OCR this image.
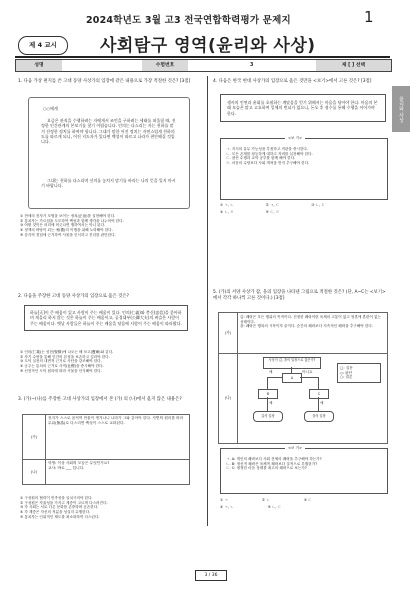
2024학년도 3월 고3 전국연합학력평가 문제지	1
제 4 교시	사회탐구 영역(윤리와 사상)
성명	수험번호	3	제 [ ] 선택
윤리와 사상
1. 다음 가상 편지를 쓴 고대 동양 사상가의 입장에 같은 내용으로 가장 적절한 것은? [3점]
○○에게
요즘은 관직을 수행하려는 자에게서 조언을 구하려는 세태를 떠올릴 때, 진정한 인간관계의 본보기를 찾기 어렵습니다. 인의는 다스리는 자는 천하를 맡겨 진정한 정치를 하여야 합니다. 그대가 말한 어진 정치는 자연스럽게 천하의 도를 따르게 되니, 어진 지도자가 있다면 백성이 따르고 나라가 편안해질 것입니다.
그대는 천하를 다스리며 선의를 놓치지 말기를 바라는 나의 뜻을 잊지 마시기 바랍니다.
① 현세의 천자가 모범을 보이는 정치(正治)를 실현해야 한다.
② 통치자는 가르침을 도모하여 백성과 함께 생각을 나누어야 한다.
③ 어떤 것이든 의리에 어긋나면 행하여서는 아니 된다.
④ 정책의 바탕이 되는 예(禮)의 이행을 위해 노력해야 한다.
⑤ 감각적 경험에 근거하여 사물을 인식하고 진리를 판단한다.
2. 다음을 주장한 고대 동양 사상가의 입장으로 옳은 것은?
하늘[天]이 큰 배움이 있고 사람이 주는 배움이 있다. 인의(仁義)와 충신(忠信)을 좋아하며 게을리 하지 않는 것은 하늘이 주는 배움이고, 공경대부(公卿大夫)의 벼슬은 사람이 주는 배움이다. 옛날 사람들은 하늘이 주는 배움을 닦음에 사람이 주는 배움이 따라왔다.
① 인의(仁義)는 성현(聖賢)에 나오는 배 보고(寶庫)와 같다.
② 자기 수양을 통해 인간의 본성을 보존하고 길러야 한다.
③ 도덕 실천의 내면적 근거로 사단을 강조해야 한다.
④ 군주는 통치의 근거로 사직(社稷)을 중시해야 한다.
⑤ 선천적인 도덕 원리에 따라 사물을 인식해야 한다.
3. (가)~(나)를 주장한 고대 사상가의 입장에서 본 (가) 의 (나)에서 옳지 않은 내용은?
(가)	천지가 스스로 움직여 만물이 생겨나니 나라가 그와 같아야 한다. 자연의 원리를 따라 무위(無爲)로 다스리면 백성이 스스로 교화된다.
(나)	학생: 이상 사회의 모습은 무엇인가요?
교사: 바로 ___ 입니다.
① 구성원의 협력이 민족성을 일치시켜야 한다.
② 구성원은 자율성을 가지고 계층이 고르게 다스려진다.
③ 각 사회는 서로 다른 문화를 존중하며 공존한다.
④ 각 계층은 자신의 직분을 성실히 수행한다.
⑤ 통치자는 인위적인 제도를 최소화하여 다스린다.
4. 다음은 한국 현대 사상가의 입장으로 옳은 것만을 <보기>에서 고른 것은? [3점]
생사의 인연과 윤회를 초월하는 깨달음을 얻기 위해서는 마음을 닦아야 한다. 마음의 본래 모습은 맑고 고요하여 일체의 번뇌가 없으니, 돈오 후 점수를 통해 수행을 이어가야 한다.
<보 기>
ㄱ. 지식의 유무 가능성을 부정하고 직관을 중시한다.
ㄴ. 모든 존재를 평등하게 대하고 자비를 실천해야 한다.
ㄷ. 참선 수행과 교학 공부를 함께 해야 한다.
ㄹ. 마음의 수양보다 사회 개혁을 먼저 추구해야 한다.
① ㄱ, ㄴ	② ㄱ, ㄷ	③ ㄴ, ㄷ
④ ㄴ, ㄹ	⑤ ㄷ, ㄹ
5. (가)의 서양 사상가 갑, 을의 입장을 나타낸 그림으로 적절한 것은? (단, A~C는 <보기>에서 각각 하나씩 고른 것이다.) [3점]
(가)
갑: 쾌락은 모든 행위의 목적이다. 진정한 쾌락이란 육체의 고통이 없고 영혼에 혼란이 없는 상태이다.
을: 쾌락은 행복의 시작이자 끝이다. 순간의 쾌락보다 지속적인 쾌락을 추구해야 한다.
(나)
사상가 갑, 을의 입장으로 옳은가?
A
예	아니요
B	C
예	예
갑의 입장	을의 입장
□: 질문
◇: 판단
○: 결론
<보 기>
ㄱ. A: 개인의 쾌락보다 사회 전체의 쾌락을 추구해야 하는가?
ㄴ. B: 정신적 쾌락은 육체적 쾌락보다 질적으로 우월한가?
ㄷ. C: 평정한 마음 상태를 최고의 쾌락으로 보는가?
① ㄱ	② ㄴ	③ ㄷ
④ ㄱ, ㄴ	⑤ ㄴ, ㄷ
3 / 36
